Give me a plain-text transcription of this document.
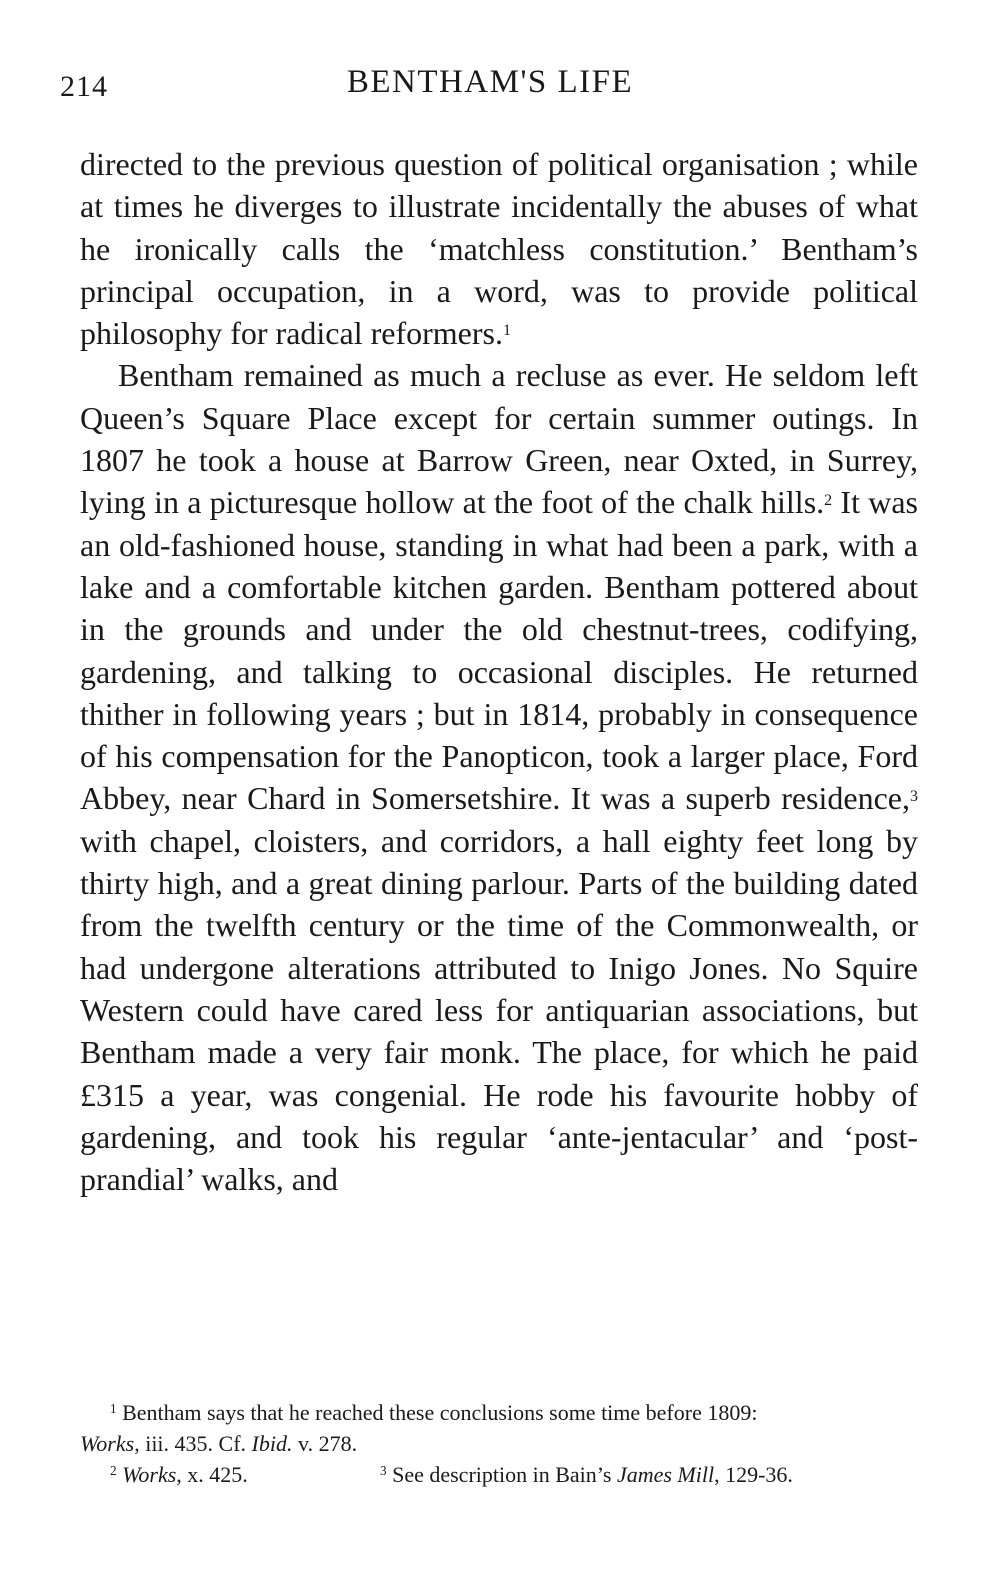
214	BENTHAM'S LIFE

directed to the previous question of political organisation ; while at times he diverges to illustrate incidentally the abuses of what he ironically calls the ‘matchless constitution.’ Bentham’s principal occupation, in a word, was to provide political philosophy for radical reformers.$^1$

Bentham remained as much a recluse as ever. He seldom left Queen’s Square Place except for certain summer outings. In 1807 he took a house at Barrow Green, near Oxted, in Surrey, lying in a picturesque hollow at the foot of the chalk hills.$^2$ It was an old-fashioned house, standing in what had been a park, with a lake and a comfortable kitchen garden. Bentham pottered about in the grounds and under the old chestnut-trees, codifying, gardening, and talking to occasional disciples. He returned thither in following years ; but in 1814, probably in consequence of his compensation for the Panopticon, took a larger place, Ford Abbey, near Chard in Somersetshire. It was a superb residence,$^3$ with chapel, cloisters, and corridors, a hall eighty feet long by thirty high, and a great dining parlour. Parts of the building dated from the twelfth century or the time of the Commonwealth, or had undergone alterations attributed to Inigo Jones. No Squire Western could have cared less for antiquarian associations, but Bentham made a very fair monk. The place, for which he paid £315 a year, was congenial. He rode his favourite hobby of gardening, and took his regular ‘ante-jentacular’ and ‘post-prandial’ walks, and

$^1$ Bentham says that he reached these conclusions some time before 1809:
Works, iii. 435. Cf. Ibid. v. 278.
$^2$ Works, x. 425.	$^3$ See description in Bain’s James Mill, 129-36.
